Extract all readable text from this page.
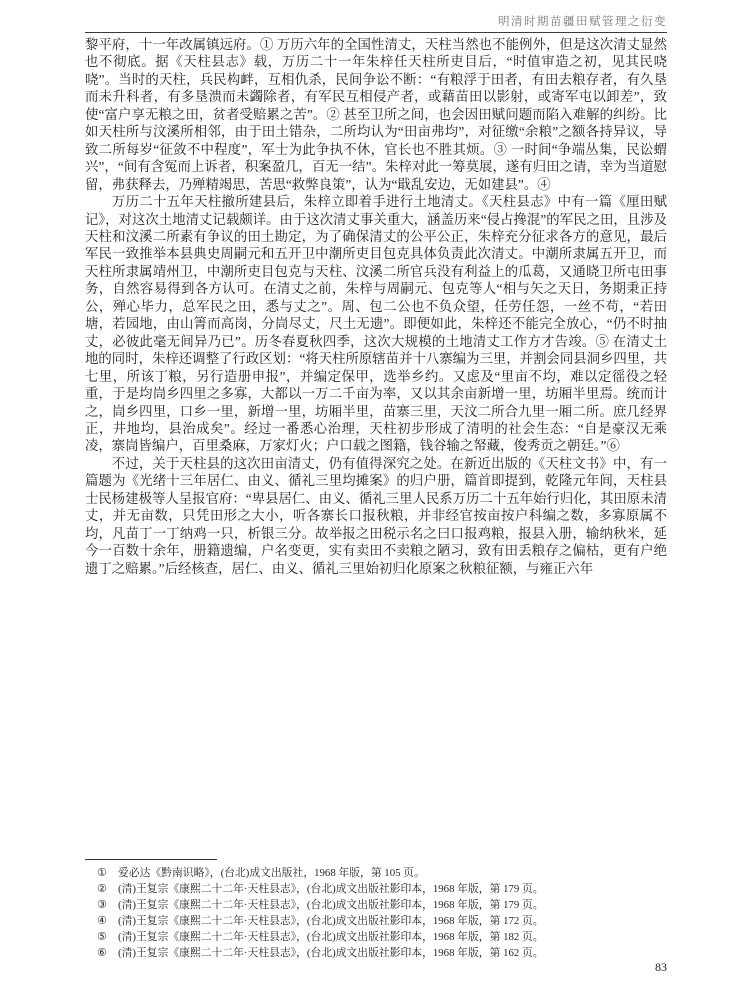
明清时期苗疆田赋管理之衍变

黎平府，十一年改属镇远府。① 万历六年的全国性清丈，天柱当然也不能例外，但是这次清丈显然也不彻底。据《天柱县志》载，万历二十一年朱梓任天柱所吏目后，“时值审造之初，见其民哓哓”。当时的天柱，兵民构衅，互相仇杀，民间争讼不断：“有粮浮于田者，有田去粮存者，有久垦而未升科者，有多垦溃而未蠲除者，有军民互相侵产者，或藉苗田以影射，或寄军屯以卸差”，致使“富户享无粮之田，贫者受赔累之苦”。② 甚至卫所之间，也会因田赋问题而陷入难解的纠纷。比如天柱所与汶溪所相邻，由于田土错杂，二所均认为“田亩弗均”，对征缴“余粮”之额各持异议，导致二所每岁“征敛不中程度”，军士为此争执不休，官长也不胜其烦。③ 一时间“争端丛集，民讼蝟兴”，“间有含冤而上诉者，积案盈几，百无一结”。朱梓对此一筹莫展，遂有归田之请，幸为当道慰留，弗获释去，乃殚精竭思，苦思“救弊良策”，认为“戢乱安边，无如建县”。④

万历二十五年天柱撤所建县后，朱梓立即着手进行土地清丈。《天柱县志》中有一篇《厘田赋记》，对这次土地清丈记载颇详。由于这次清丈事关重大，涵盖历来“侵占搀混”的军民之田，且涉及天柱和汶溪二所素有争议的田土勘定，为了确保清丈的公平公正，朱梓充分征求各方的意见，最后军民一致推举本县典史周嗣元和五开卫中潮所吏目包克具体负责此次清丈。中潮所隶属五开卫，而天柱所隶属靖州卫，中潮所吏目包克与天柱、汶溪二所官兵没有利益上的瓜葛，又通晓卫所屯田事务，自然容易得到各方认可。在清丈之前，朱梓与周嗣元、包克等人“相与矢之天日，务期秉正持公，殚心毕力，总军民之田，悉与丈之”。周、包二公也不负众望，任劳任怨，一丝不苟，“若田塘，若园地，由山箐而高岗，分峝尽丈，尺土无遗”。即便如此，朱梓还不能完全放心，“仍不时抽丈，必彼此毫无间异乃已”。历冬春夏秋四季，这次大规模的土地清丈工作方才告竣。⑤ 在清丈土地的同时，朱梓还调整了行政区划：“将天柱所原辖苗并十八寨编为三里，并割会同县洞乡四里，共七里，所该丁粮，另行造册申报”，并编定保甲，选举乡约。又虑及“里亩不均，难以定徭役之轻重，于是均峝乡四里之多寡，大都以一万二千亩为率，又以其余亩新增一里，坊厢半里焉。统而计之，峝乡四里，口乡一里，新增一里，坊厢半里，苗寨三里，天汶二所合九里一厢二所。庶几经界正，井地均，县治成矣”。经过一番悉心治理，天柱初步形成了清明的社会生态：“自是豪汉无乘凌，寨峝皆编户，百里桑麻，万家灯火；户口载之图籍，钱谷输之帑藏，俊秀贡之朝廷。”⑥

不过，关于天柱县的这次田亩清丈，仍有值得深究之处。在新近出版的《天柱文书》中，有一篇题为《光绪十三年居仁、由义、循礼三里均摊案》的归户册，篇首即提到，乾隆元年间，天柱县士民杨建极等人呈报官府：“卑县居仁、由义、循礼三里人民系万历二十五年始行归化，其田原未清丈，并无亩数，只凭田形之大小，听各寨长口报秋粮，并非经官按亩按户科编之数，多寡原属不均，凡苗丁一丁纳鸡一只，析银三分。故举报之田税示名之曰口报鸡粮，报县入册，输纳秋米，延今一百数十余年，册籍遗编，户名变更，实有卖田不卖粮之陋习，致有田丢粮存之偏枯，更有户绝遗丁之赔累。”后经核查，居仁、由义、循礼三里始初归化原案之秋粮征额，与雍正六年

①	爱必达《黔南识略》，(台北)成文出版社，1968 年版，第 105 页。
②	(清)王复宗《康熙二十二年·天柱县志》，(台北)成文出版社影印本，1968 年版，第 179 页。
③	(清)王复宗《康熙二十二年·天柱县志》，(台北)成文出版社影印本，1968 年版，第 179 页。
④	(清)王复宗《康熙二十二年·天柱县志》，(台北)成文出版社影印本，1968 年版，第 172 页。
⑤	(清)王复宗《康熙二十二年·天柱县志》，(台北)成文出版社影印本，1968 年版，第 182 页。
⑥	(清)王复宗《康熙二十二年·天柱县志》，(台北)成文出版社影印本，1968 年版，第 162 页。
83
